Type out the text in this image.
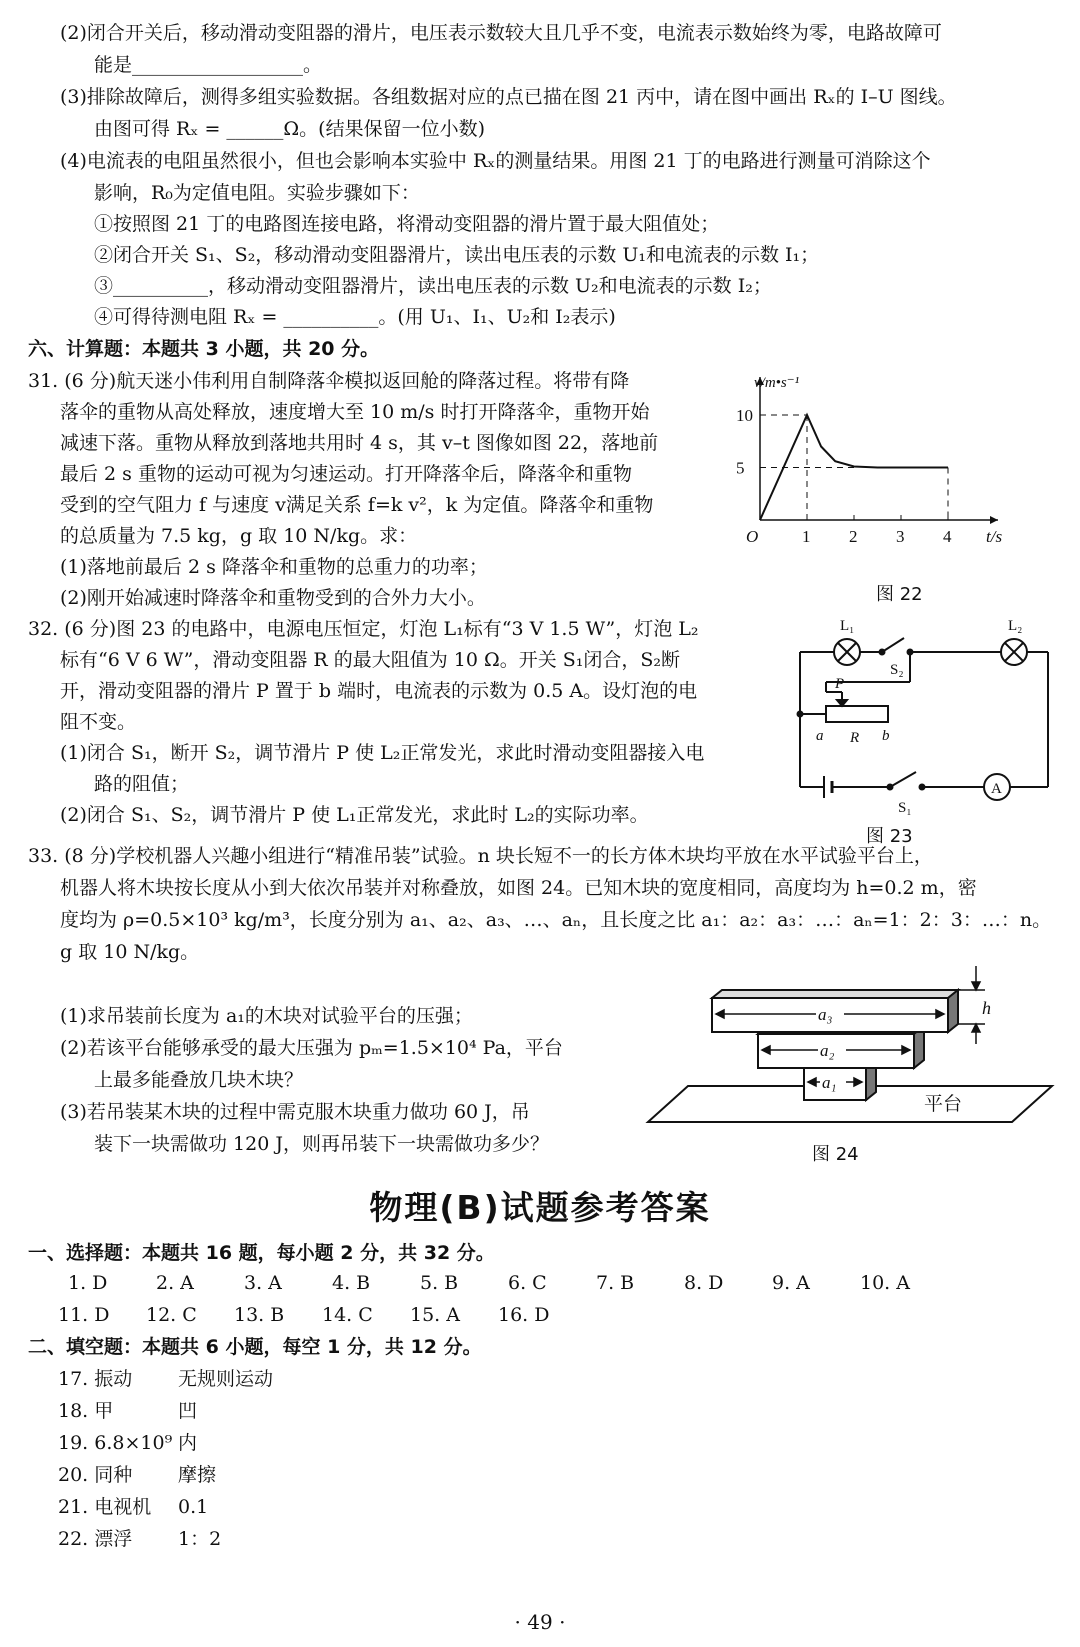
(2)闭合开关后，移动滑动变阻器的滑片，电压表示数较大且几乎不变，电流表示数始终为零，电路故障可
能是__________________。
(3)排除故障后，测得多组实验数据。各组数据对应的点已描在图 21 丙中，请在图中画出 Rₓ的 I–U 图线。
由图可得 Rₓ = ______Ω。(结果保留一位小数)
(4)电流表的电阻虽然很小，但也会影响本实验中 Rₓ的测量结果。用图 21 丁的电路进行测量可消除这个
影响，R₀为定值电阻。实验步骤如下：
①按照图 21 丁的电路图连接电路，将滑动变阻器的滑片置于最大阻值处；
②闭合开关 S₁、S₂，移动滑动变阻器滑片，读出电压表的示数 U₁和电流表的示数 I₁；
③__________，移动滑动变阻器滑片，读出电压表的示数 U₂和电流表的示数 I₂；
④可得待测电阻 Rₓ = __________。(用 U₁、I₁、U₂和 I₂表示)
六、计算题：本题共 3 小题，共 20 分。
31. (6 分)航天迷小伟利用自制降落伞模拟返回舱的降落过程。将带有降
落伞的重物从高处释放，速度增大至 10 m/s 时打开降落伞，重物开始
减速下落。重物从释放到落地共用时 4 s，其 v–t 图像如图 22，落地前
最后 2 s 重物的运动可视为匀速运动。打开降落伞后，降落伞和重物
受到的空气阻力 f 与速度 v满足关系 f=k v²，k 为定值。降落伞和重物
的总质量为 7.5 kg，g 取 10 N/kg。求：
(1)落地前最后 2 s 降落伞和重物的总重力的功率；
(2)刚开始减速时降落伞和重物受到的合外力大小。
v/m•s⁻¹
t/s
O
10
5
1 2 3 4
图 22
32. (6 分)图 23 的电路中，电源电压恒定，灯泡 L₁标有“3 V 1.5 W”，灯泡 L₂
标有“6 V 6 W”，滑动变阻器 R 的最大阻值为 10 Ω。开关 S₁闭合，S₂断
开，滑动变阻器的滑片 P 置于 b 端时，电流表的示数为 0.5 A。设灯泡的电
阻不变。
(1)闭合 S₁，断开 S₂，调节滑片 P 使 L₂正常发光，求此时滑动变阻器接入电
路的阻值；
(2)闭合 S₁、S₂，调节滑片 P 使 L₁正常发光，求此时 L₂的实际功率。
L₁	L₂
S₂
P
a R b
S₁
A
图 23
33. (8 分)学校机器人兴趣小组进行“精准吊装”试验。n 块长短不一的长方体木块均平放在水平试验平台上，
机器人将木块按长度从小到大依次吊装并对称叠放，如图 24。已知木块的宽度相同，高度均为 h=0.2 m，密
度均为 ρ=0.5×10³ kg/m³，长度分别为 a₁、a₂、a₃、…、aₙ，且长度之比 a₁：a₂：a₃：…：aₙ=1：2：3：…：n。
g 取 10 N/kg。
(1)求吊装前长度为 a₁的木块对试验平台的压强；
(2)若该平台能够承受的最大压强为 pₘ=1.5×10⁴ Pa，平台
上最多能叠放几块木块？
(3)若吊装某木块的过程中需克服木块重力做功 60 J，吊
装下一块需做功 120 J，则再吊装下一块需做功多少？
a₃
a₂
a₁
h
平台
图 24
物理(B)试题参考答案
一、选择题：本题共 16 题，每小题 2 分，共 32 分。
1. D	2. A	3. A	4. B	5. B	6. C	7. B	8. D	9. A	10. A
11. D 12. C 13. B 14. C 15. A 16. D
二、填空题：本题共 6 小题，每空 1 分，共 12 分。
17. 振动 无规则运动
18. 甲	凹
19. 6.8×10⁹ 内
20. 同种 摩擦
21. 电视机 0.1
22. 漂浮 1：2
· 49 ·
